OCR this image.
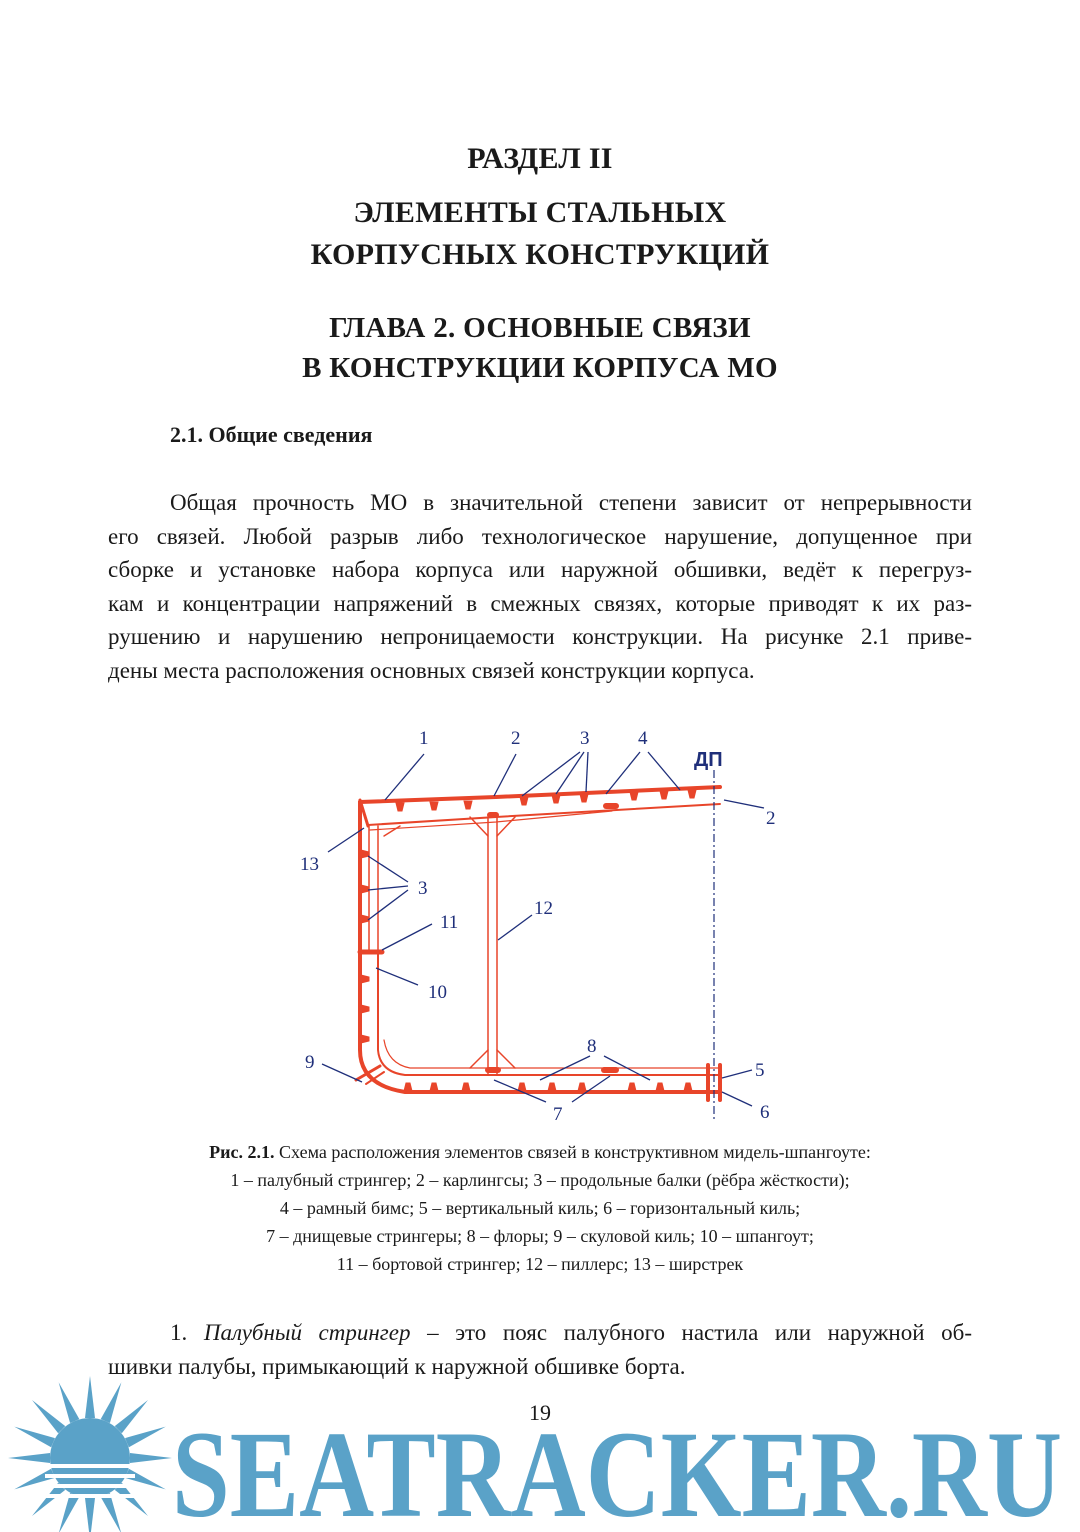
РАЗДЕЛ II
ЭЛЕМЕНТЫ СТАЛЬНЫХ
КОРПУСНЫХ КОНСТРУКЦИЙ
ГЛАВА 2. ОСНОВНЫЕ СВЯЗИ
В КОНСТРУКЦИИ КОРПУСА МО
2.1. Общие сведения
Общая прочность МО в значительной степени зависит от непрерывности
его связей. Любой разрыв либо технологическое нарушение, допущенное при
сборке и установке набора корпуса или наружной обшивки, ведёт к перегруз-
кам и концентрации напряжений в смежных связях, которые приводят к их раз-
рушению и нарушению непроницаемости конструкции. На рисунке 2.1 приве-
дены места расположения основных связей конструкции корпуса.
ДП
1	2	3	4
2
13
3
11
12
10
9
8
5
7	6
Рис. 2.1. Схема расположения элементов связей в конструктивном мидель-шпангоуте:
1 – палубный стрингер; 2 – карлингсы; 3 – продольные балки (рёбра жёсткости);
4 – рамный бимс; 5 – вертикальный киль; 6 – горизонтальный киль;
7 – днищевые стрингеры; 8 – флоры; 9 – скуловой киль; 10 – шпангоут;
11 – бортовой стрингер; 12 – пиллерс; 13 – ширстрек
1. Палубный стрингер – это пояс палубного настила или наружной об-
шивки палубы, примыкающий к наружной обшивке борта.
19
SEATRACKER.RU
